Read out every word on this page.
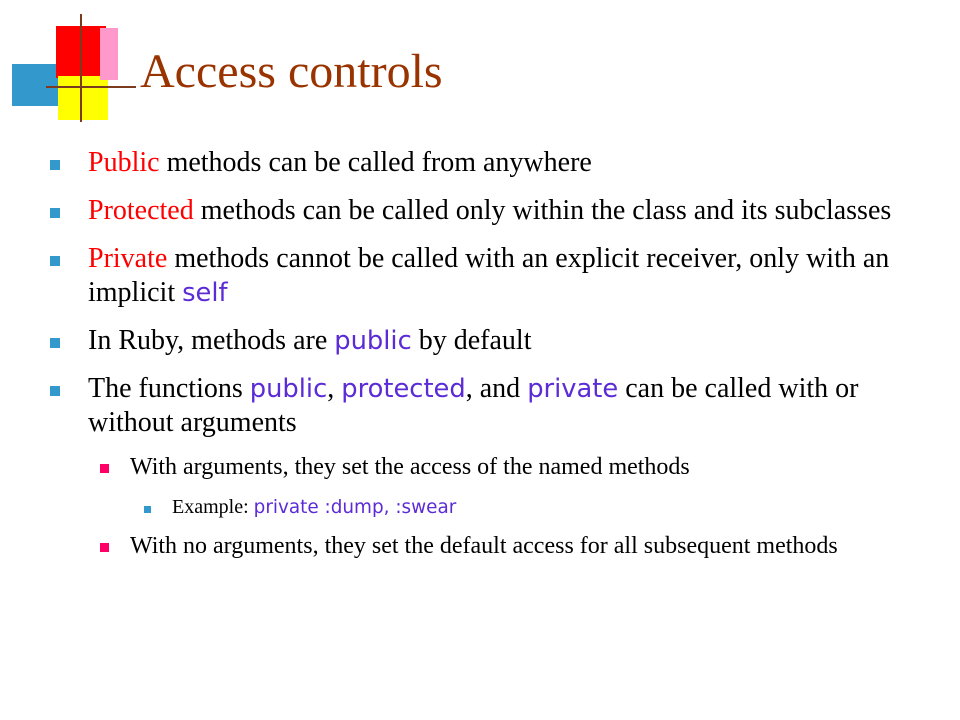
Access controls
Public methods can be called from anywhere
Protected methods can be called only within the class and its subclasses
Private methods cannot be called with an explicit receiver, only with an implicit self
In Ruby, methods are public by default
The functions public, protected, and private can be called with or without arguments
With arguments, they set the access of the named methods
Example: private :dump, :swear
With no arguments, they set the default access for all subsequent methods
